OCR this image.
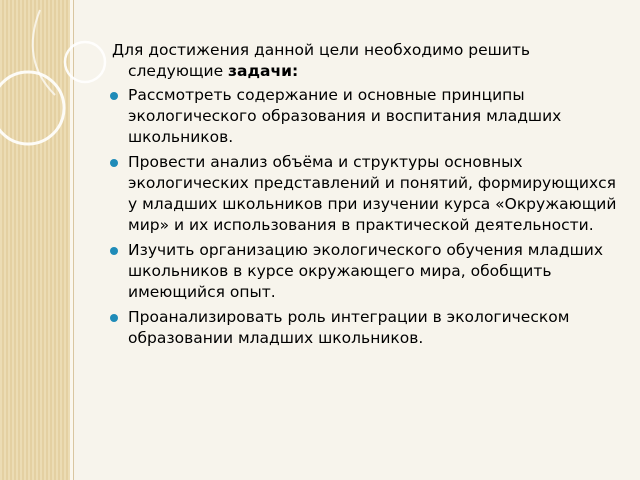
Для достижения данной цели необходимо решить следующие задачи:

Рассмотреть содержание и основные принципы экологического образования и воспитания младших школьников.
Провести анализ объёма и структуры основных экологических представлений и понятий, формирующихся у младших школьников при изучении курса «Окружающий мир» и их использования в практической деятельности.
Изучить организацию экологического обучения младших школьников в курсе окружающего мира, обобщить имеющийся опыт.
Проанализировать роль интеграции в экологическом образовании младших школьников.
